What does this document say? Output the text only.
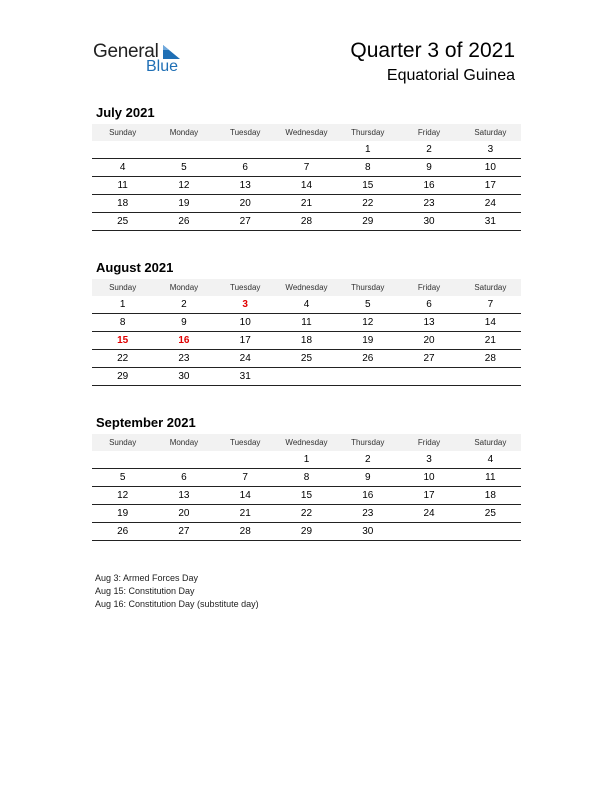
General
Blue
Quarter 3 of 2021
Equatorial Guinea
July 2021
Sunday	Monday	Tuesday	Wednesday	Thursday	Friday	Saturday
				1	2	3
4	5	6	7	8	9	10
11	12	13	14	15	16	17
18	19	20	21	22	23	24
25	26	27	28	29	30	31
August 2021
Sunday	Monday	Tuesday	Wednesday	Thursday	Friday	Saturday
1	2	3	4	5	6	7
8	9	10	11	12	13	14
15	16	17	18	19	20	21
22	23	24	25	26	27	28
29	30	31				
September 2021
Sunday	Monday	Tuesday	Wednesday	Thursday	Friday	Saturday
			1	2	3	4
5	6	7	8	9	10	11
12	13	14	15	16	17	18
19	20	21	22	23	24	25
26	27	28	29	30		
Aug 3: Armed Forces Day
Aug 15: Constitution Day
Aug 16: Constitution Day (substitute day)
